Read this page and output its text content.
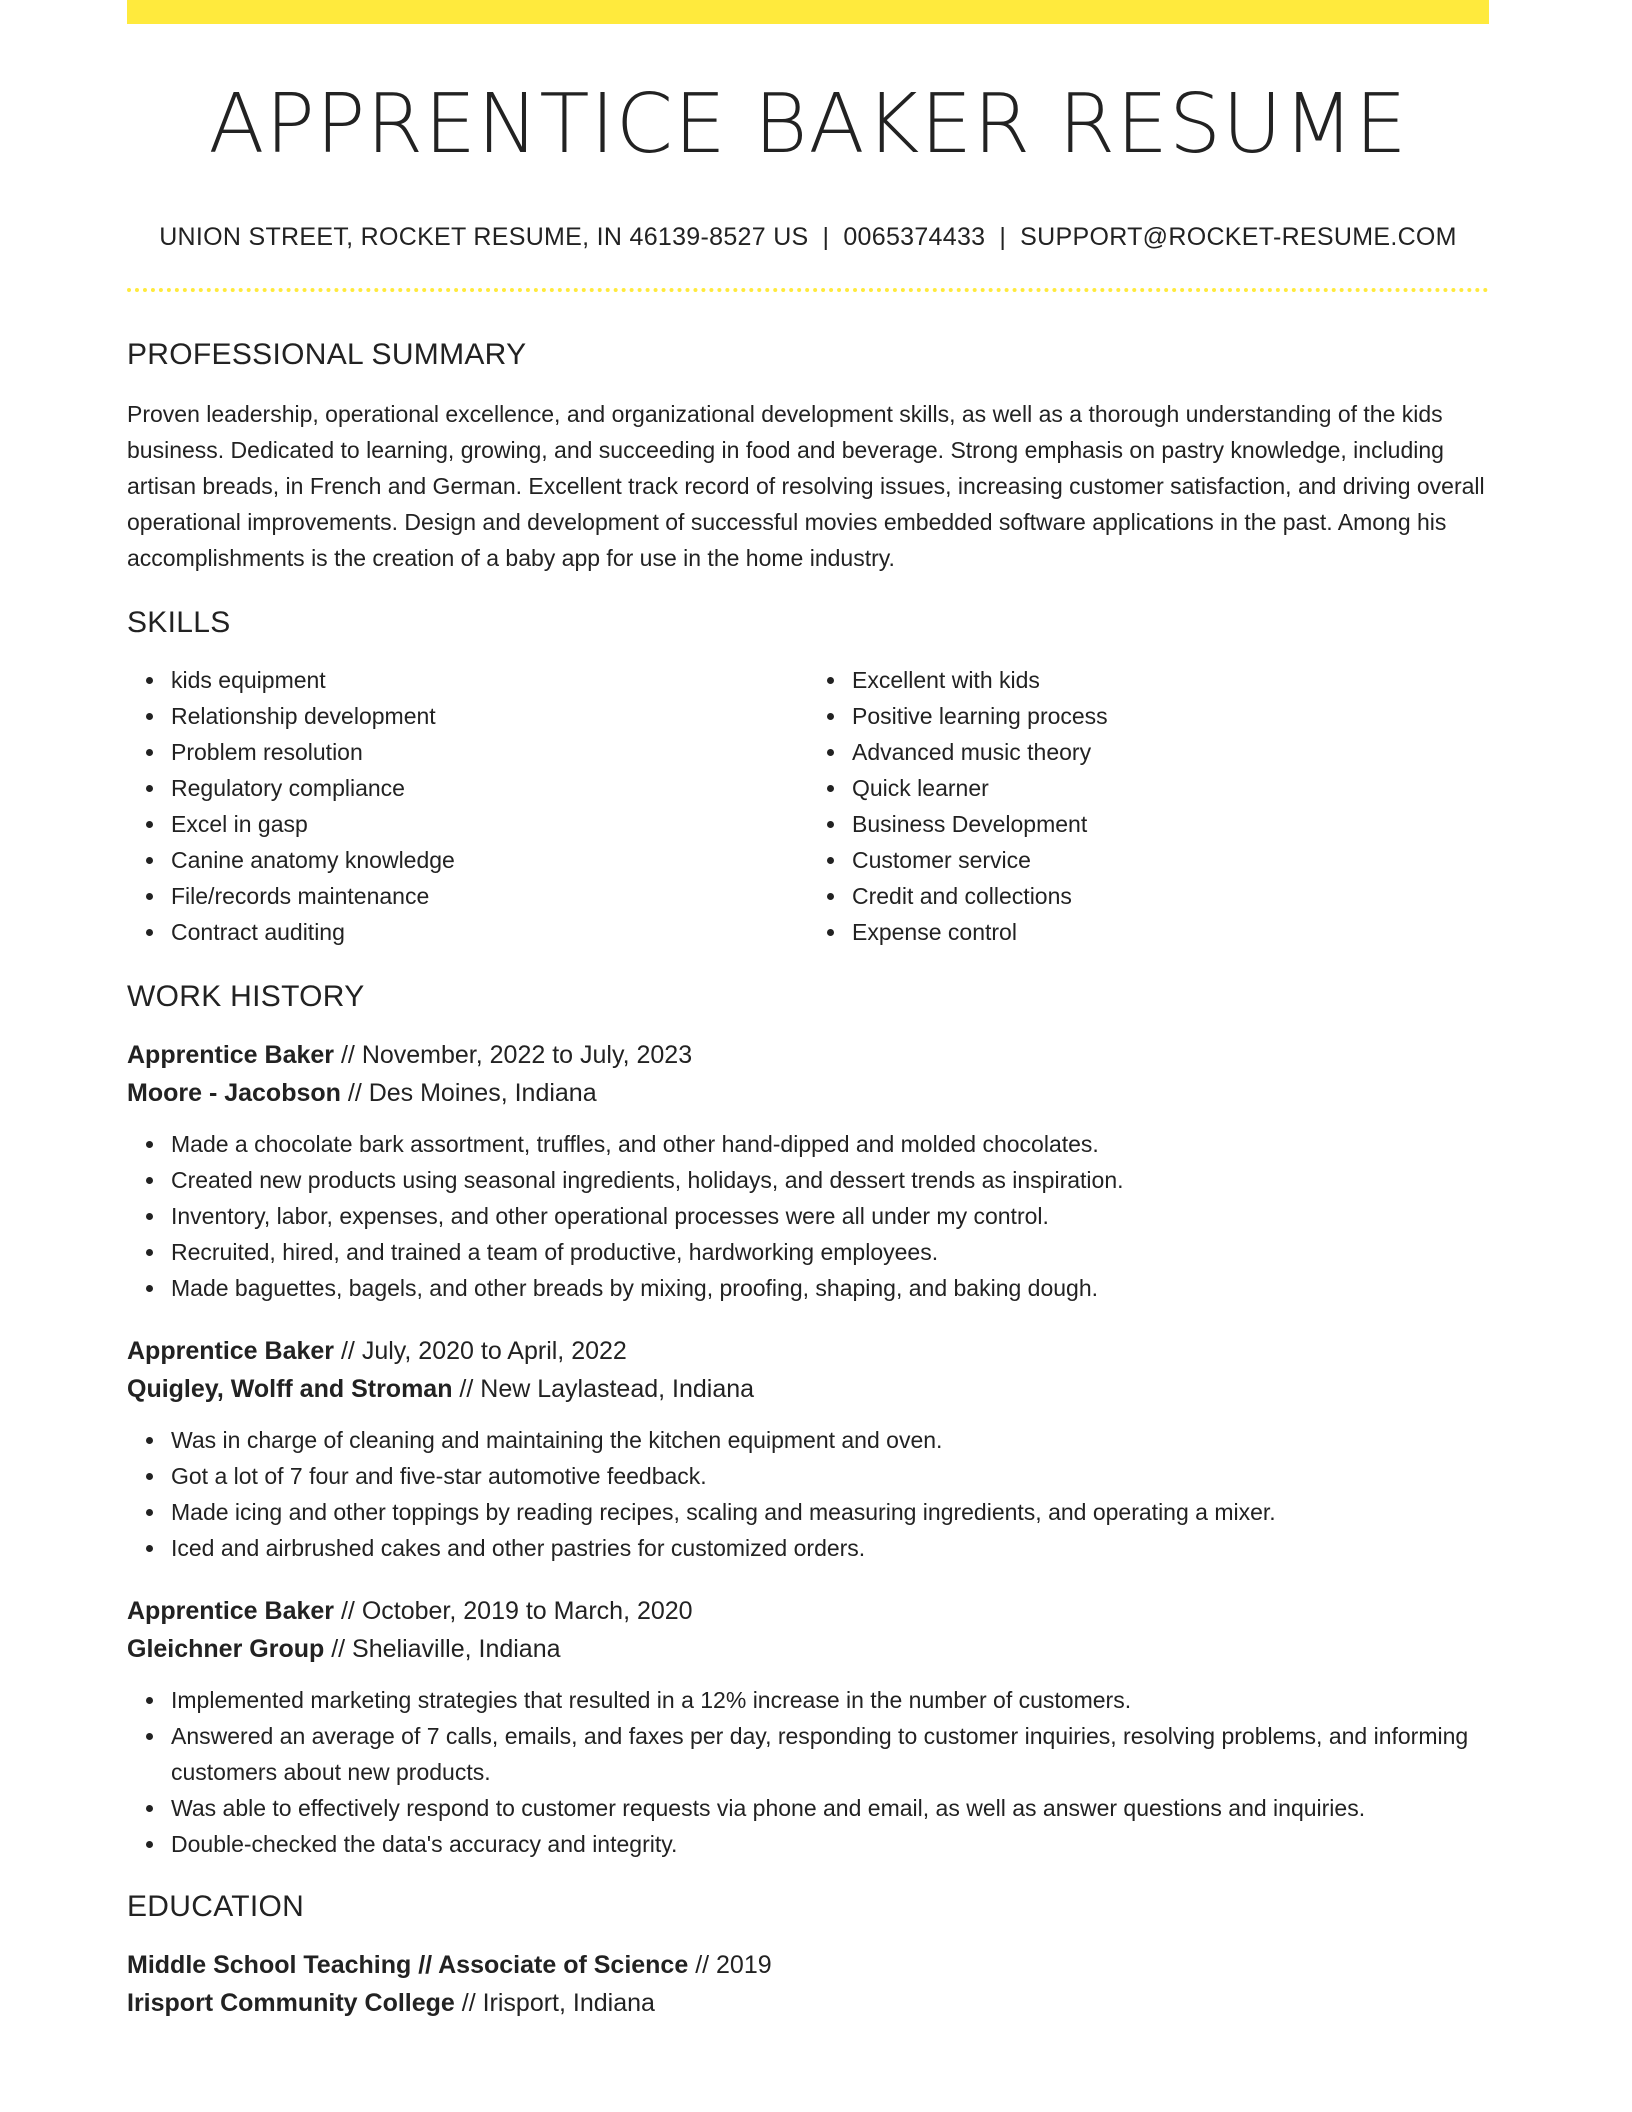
APPRENTICE BAKER RESUME
UNION STREET, ROCKET RESUME, IN 46139-8527 US | 0065374433 | SUPPORT@ROCKET-RESUME.COM
PROFESSIONAL SUMMARY
Proven leadership, operational excellence, and organizational development skills, as well as a thorough understanding of the kids business. Dedicated to learning, growing, and succeeding in food and beverage. Strong emphasis on pastry knowledge, including artisan breads, in French and German. Excellent track record of resolving issues, increasing customer satisfaction, and driving overall operational improvements. Design and development of successful movies embedded software applications in the past. Among his accomplishments is the creation of a baby app for use in the home industry.
SKILLS
kids equipment
Relationship development
Problem resolution
Regulatory compliance
Excel in gasp
Canine anatomy knowledge
File/records maintenance
Contract auditing
Excellent with kids
Positive learning process
Advanced music theory
Quick learner
Business Development
Customer service
Credit and collections
Expense control
WORK HISTORY
Apprentice Baker // November, 2022 to July, 2023
Moore - Jacobson // Des Moines, Indiana
Made a chocolate bark assortment, truffles, and other hand-dipped and molded chocolates.
Created new products using seasonal ingredients, holidays, and dessert trends as inspiration.
Inventory, labor, expenses, and other operational processes were all under my control.
Recruited, hired, and trained a team of productive, hardworking employees.
Made baguettes, bagels, and other breads by mixing, proofing, shaping, and baking dough.
Apprentice Baker // July, 2020 to April, 2022
Quigley, Wolff and Stroman // New Laylastead, Indiana
Was in charge of cleaning and maintaining the kitchen equipment and oven.
Got a lot of 7 four and five-star automotive feedback.
Made icing and other toppings by reading recipes, scaling and measuring ingredients, and operating a mixer.
Iced and airbrushed cakes and other pastries for customized orders.
Apprentice Baker // October, 2019 to March, 2020
Gleichner Group // Sheliaville, Indiana
Implemented marketing strategies that resulted in a 12% increase in the number of customers.
Answered an average of 7 calls, emails, and faxes per day, responding to customer inquiries, resolving problems, and informing customers about new products.
Was able to effectively respond to customer requests via phone and email, as well as answer questions and inquiries.
Double-checked the data's accuracy and integrity.
EDUCATION
Middle School Teaching // Associate of Science // 2019
Irisport Community College // Irisport, Indiana
